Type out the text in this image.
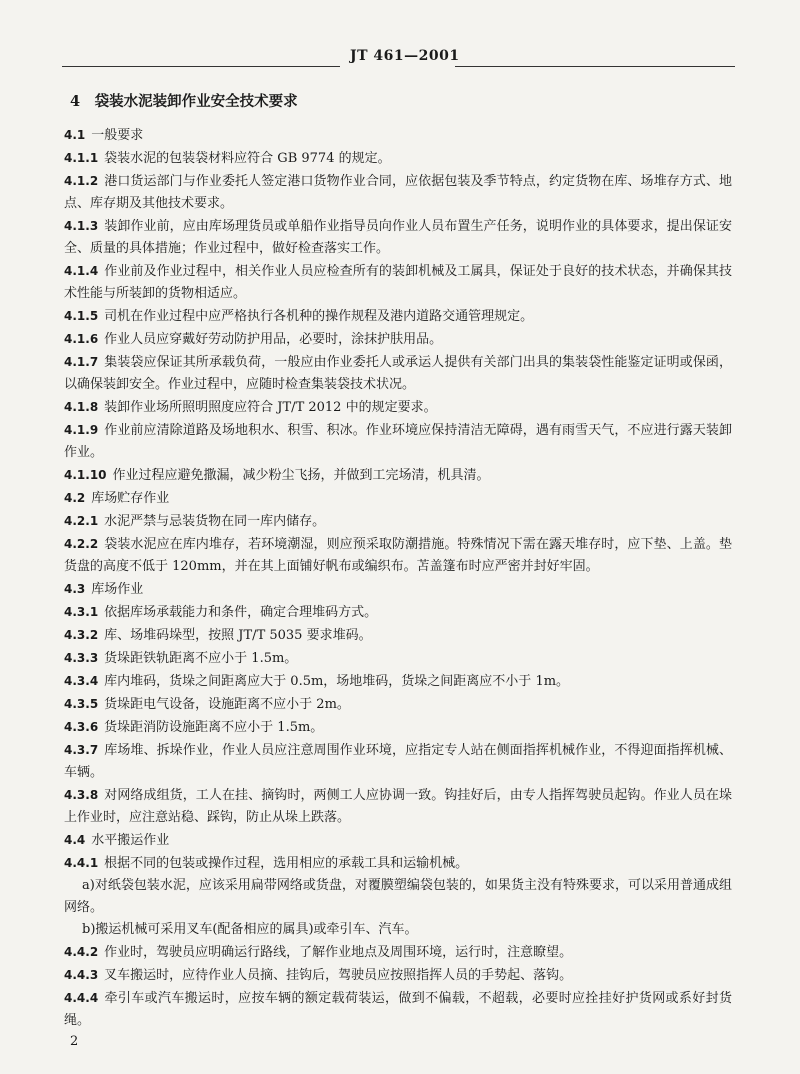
JT 461—2001
4　袋装水泥装卸作业安全技术要求
4.1 一般要求
4.1.1 袋装水泥的包装袋材料应符合 GB 9774 的规定。
4.1.2 港口货运部门与作业委托人签定港口货物作业合同，应依据包装及季节特点，约定货物在库、场堆存方式、地点、库存期及其他技术要求。
4.1.3 装卸作业前，应由库场理货员或单船作业指导员向作业人员布置生产任务，说明作业的具体要求，提出保证安全、质量的具体措施；作业过程中，做好检查落实工作。
4.1.4 作业前及作业过程中，相关作业人员应检查所有的装卸机械及工属具，保证处于良好的技术状态，并确保其技术性能与所装卸的货物相适应。
4.1.5 司机在作业过程中应严格执行各机种的操作规程及港内道路交通管理规定。
4.1.6 作业人员应穿戴好劳动防护用品，必要时，涂抹护肤用品。
4.1.7 集装袋应保证其所承载负荷，一般应由作业委托人或承运人提供有关部门出具的集装袋性能鉴定证明或保函，以确保装卸安全。作业过程中，应随时检查集装袋技术状况。
4.1.8 装卸作业场所照明照度应符合 JT/T 2012 中的规定要求。
4.1.9 作业前应清除道路及场地积水、积雪、积冰。作业环境应保持清洁无障碍，遇有雨雪天气，不应进行露天装卸作业。
4.1.10 作业过程应避免撒漏，减少粉尘飞扬，并做到工完场清，机具清。
4.2 库场贮存作业
4.2.1 水泥严禁与忌装货物在同一库内储存。
4.2.2 袋装水泥应在库内堆存，若环境潮湿，则应预采取防潮措施。特殊情况下需在露天堆存时，应下垫、上盖。垫货盘的高度不低于 120mm，并在其上面铺好帆布或编织布。苫盖篷布时应严密并封好牢固。
4.3 库场作业
4.3.1 依据库场承载能力和条件，确定合理堆码方式。
4.3.2 库、场堆码垛型，按照 JT/T 5035 要求堆码。
4.3.3 货垛距铁轨距离不应小于 1.5m。
4.3.4 库内堆码，货垛之间距离应大于 0.5m，场地堆码，货垛之间距离应不小于 1m。
4.3.5 货垛距电气设备，设施距离不应小于 2m。
4.3.6 货垛距消防设施距离不应小于 1.5m。
4.3.7 库场堆、拆垛作业，作业人员应注意周围作业环境，应指定专人站在侧面指挥机械作业，不得迎面指挥机械、车辆。
4.3.8 对网络成组货，工人在挂、摘钩时，两侧工人应协调一致。钩挂好后，由专人指挥驾驶员起钩。作业人员在垛上作业时，应注意站稳、踩钩，防止从垛上跌落。
4.4 水平搬运作业
4.4.1 根据不同的包装或操作过程，选用相应的承载工具和运输机械。
a)对纸袋包装水泥，应该采用扁带网络或货盘，对覆膜塑编袋包装的，如果货主没有特殊要求，可以采用普通成组网络。
b)搬运机械可采用叉车(配备相应的属具)或牵引车、汽车。
4.4.2 作业时，驾驶员应明确运行路线，了解作业地点及周围环境，运行时，注意瞭望。
4.4.3 叉车搬运时，应待作业人员摘、挂钩后，驾驶员应按照指挥人员的手势起、落钩。
4.4.4 牵引车或汽车搬运时，应按车辆的额定载荷装运，做到不偏载，不超载，必要时应拴挂好护货网或系好封货绳。
2
